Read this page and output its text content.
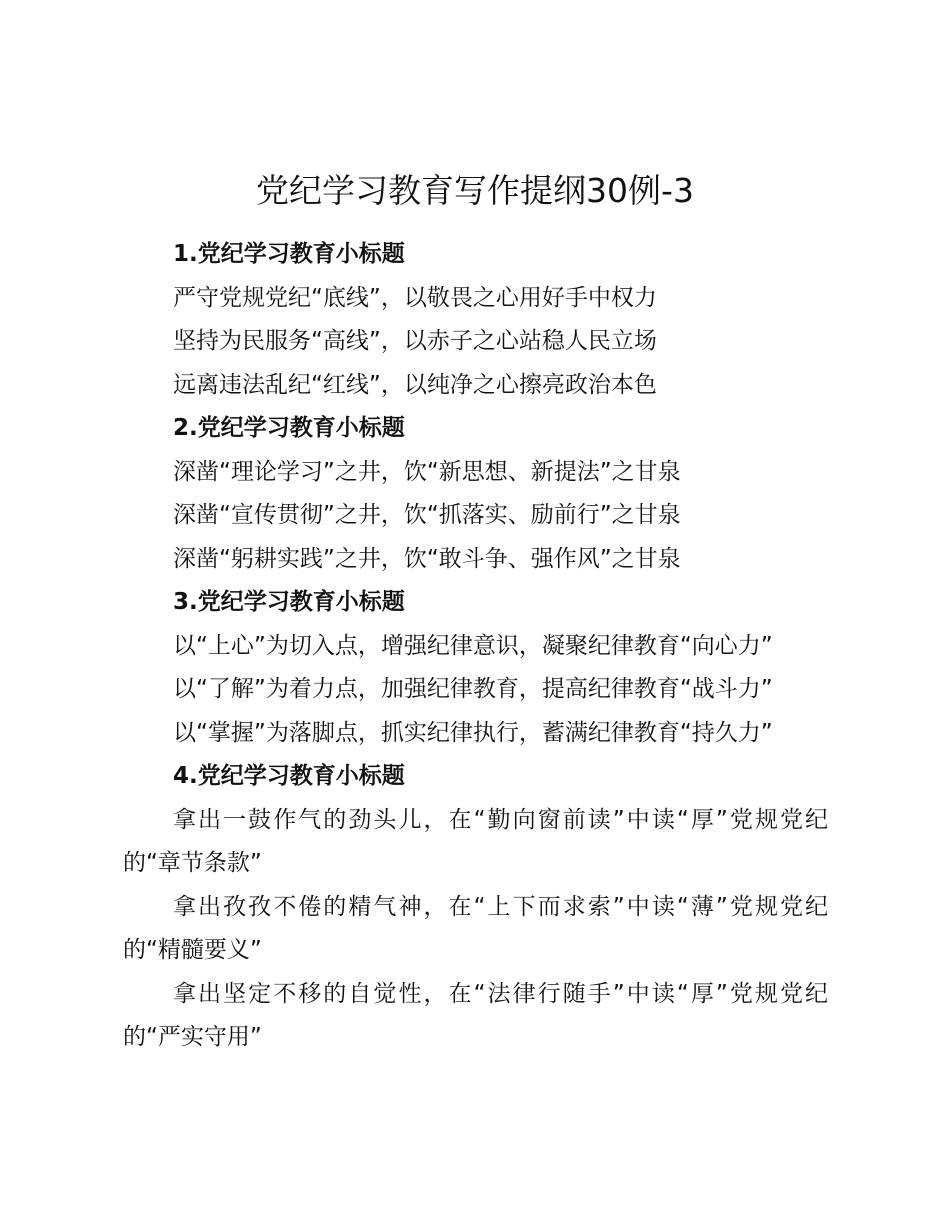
党纪学习教育写作提纲30例-3
1.党纪学习教育小标题
严守党规党纪“底线”，以敬畏之心用好手中权力
坚持为民服务“高线”，以赤子之心站稳人民立场
远离违法乱纪“红线”，以纯净之心擦亮政治本色
2.党纪学习教育小标题
深凿“理论学习”之井，饮“新思想、新提法”之甘泉
深凿“宣传贯彻”之井，饮“抓落实、励前行”之甘泉
深凿“躬耕实践”之井，饮“敢斗争、强作风”之甘泉
3.党纪学习教育小标题
以“上心”为切入点，增强纪律意识，凝聚纪律教育“向心力”
以“了解”为着力点，加强纪律教育，提高纪律教育“战斗力”
以“掌握”为落脚点，抓实纪律执行，蓄满纪律教育“持久力”
4.党纪学习教育小标题
拿出一鼓作气的劲头儿，在“勤向窗前读”中读“厚”党规党纪的“章节条款”
拿出孜孜不倦的精气神，在“上下而求索”中读“薄”党规党纪的“精髓要义”
拿出坚定不移的自觉性，在“法律行随手”中读“厚”党规党纪的“严实守用”
